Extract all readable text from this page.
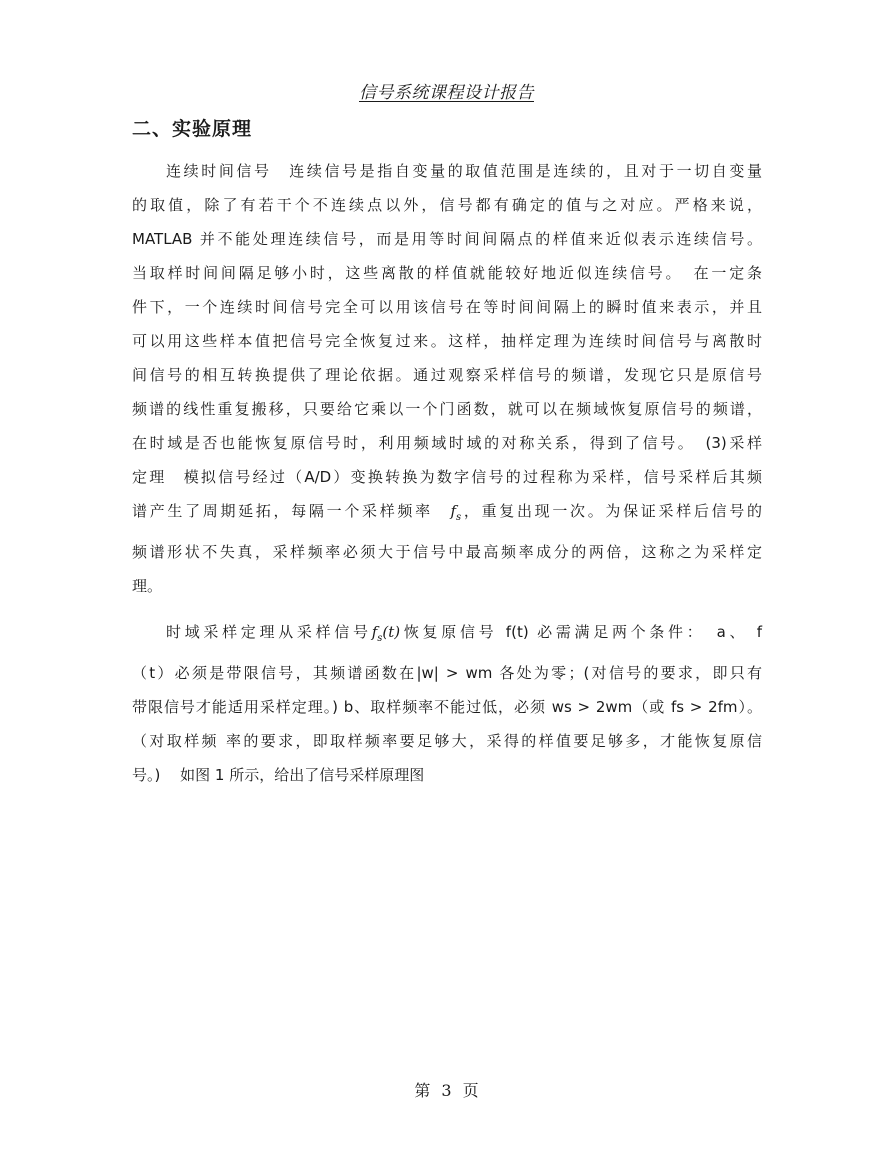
信号系统课程设计报告
二、实验原理
连续时间信号　连续信号是指自变量的取值范围是连续的，且对于一切自变量
的取值，除了有若干个不连续点以外，信号都有确定的值与之对应。严格来说，
MATLAB 并不能处理连续信号，而是用等时间间隔点的样值来近似表示连续信号。
当取样时间间隔足够小时，这些离散的样值就能较好地近似连续信号。　在一定条
件下，一个连续时间信号完全可以用该信号在等时间间隔上的瞬时值来表示，并且
可以用这些样本值把信号完全恢复过来。这样，抽样定理为连续时间信号与离散时
间信号的相互转换提供了理论依据。通过观察采样信号的频谱，发现它只是原信号
频谱的线性重复搬移，只要给它乘以一个门函数，就可以在频域恢复原信号的频谱，
在时域是否也能恢复原信号时，利用频域时域的对称关系，得到了信号。　(3)采样
定理　模拟信号经过（A/D）变换转换为数字信号的过程称为采样，信号采样后其频
谱产生了周期延拓，每隔一个采样频率　 $f_s$，重复出现一次。为保证采样后信号的
频谱形状不失真，采样频率必须大于信号中最高频率成分的两倍，这称之为采样定
理。
时域采样定理从采样信号$f_s(t)$恢复原信号 f(t) 必需满足两个条件：　a、 f
（t）必须是带限信号，其频谱函数在|w| > wm 各处为零；(对信号的要求，即只有
带限信号才能适用采样定理。) b、取样频率不能过低，必须 ws > 2wm（或 fs > 2fm）。
（对取样频 率的要求，即取样频率要足够大，采得的样值要足够多，才能恢复原信
号。)　 如图 1 所示，给出了信号采样原理图
第 3 页
